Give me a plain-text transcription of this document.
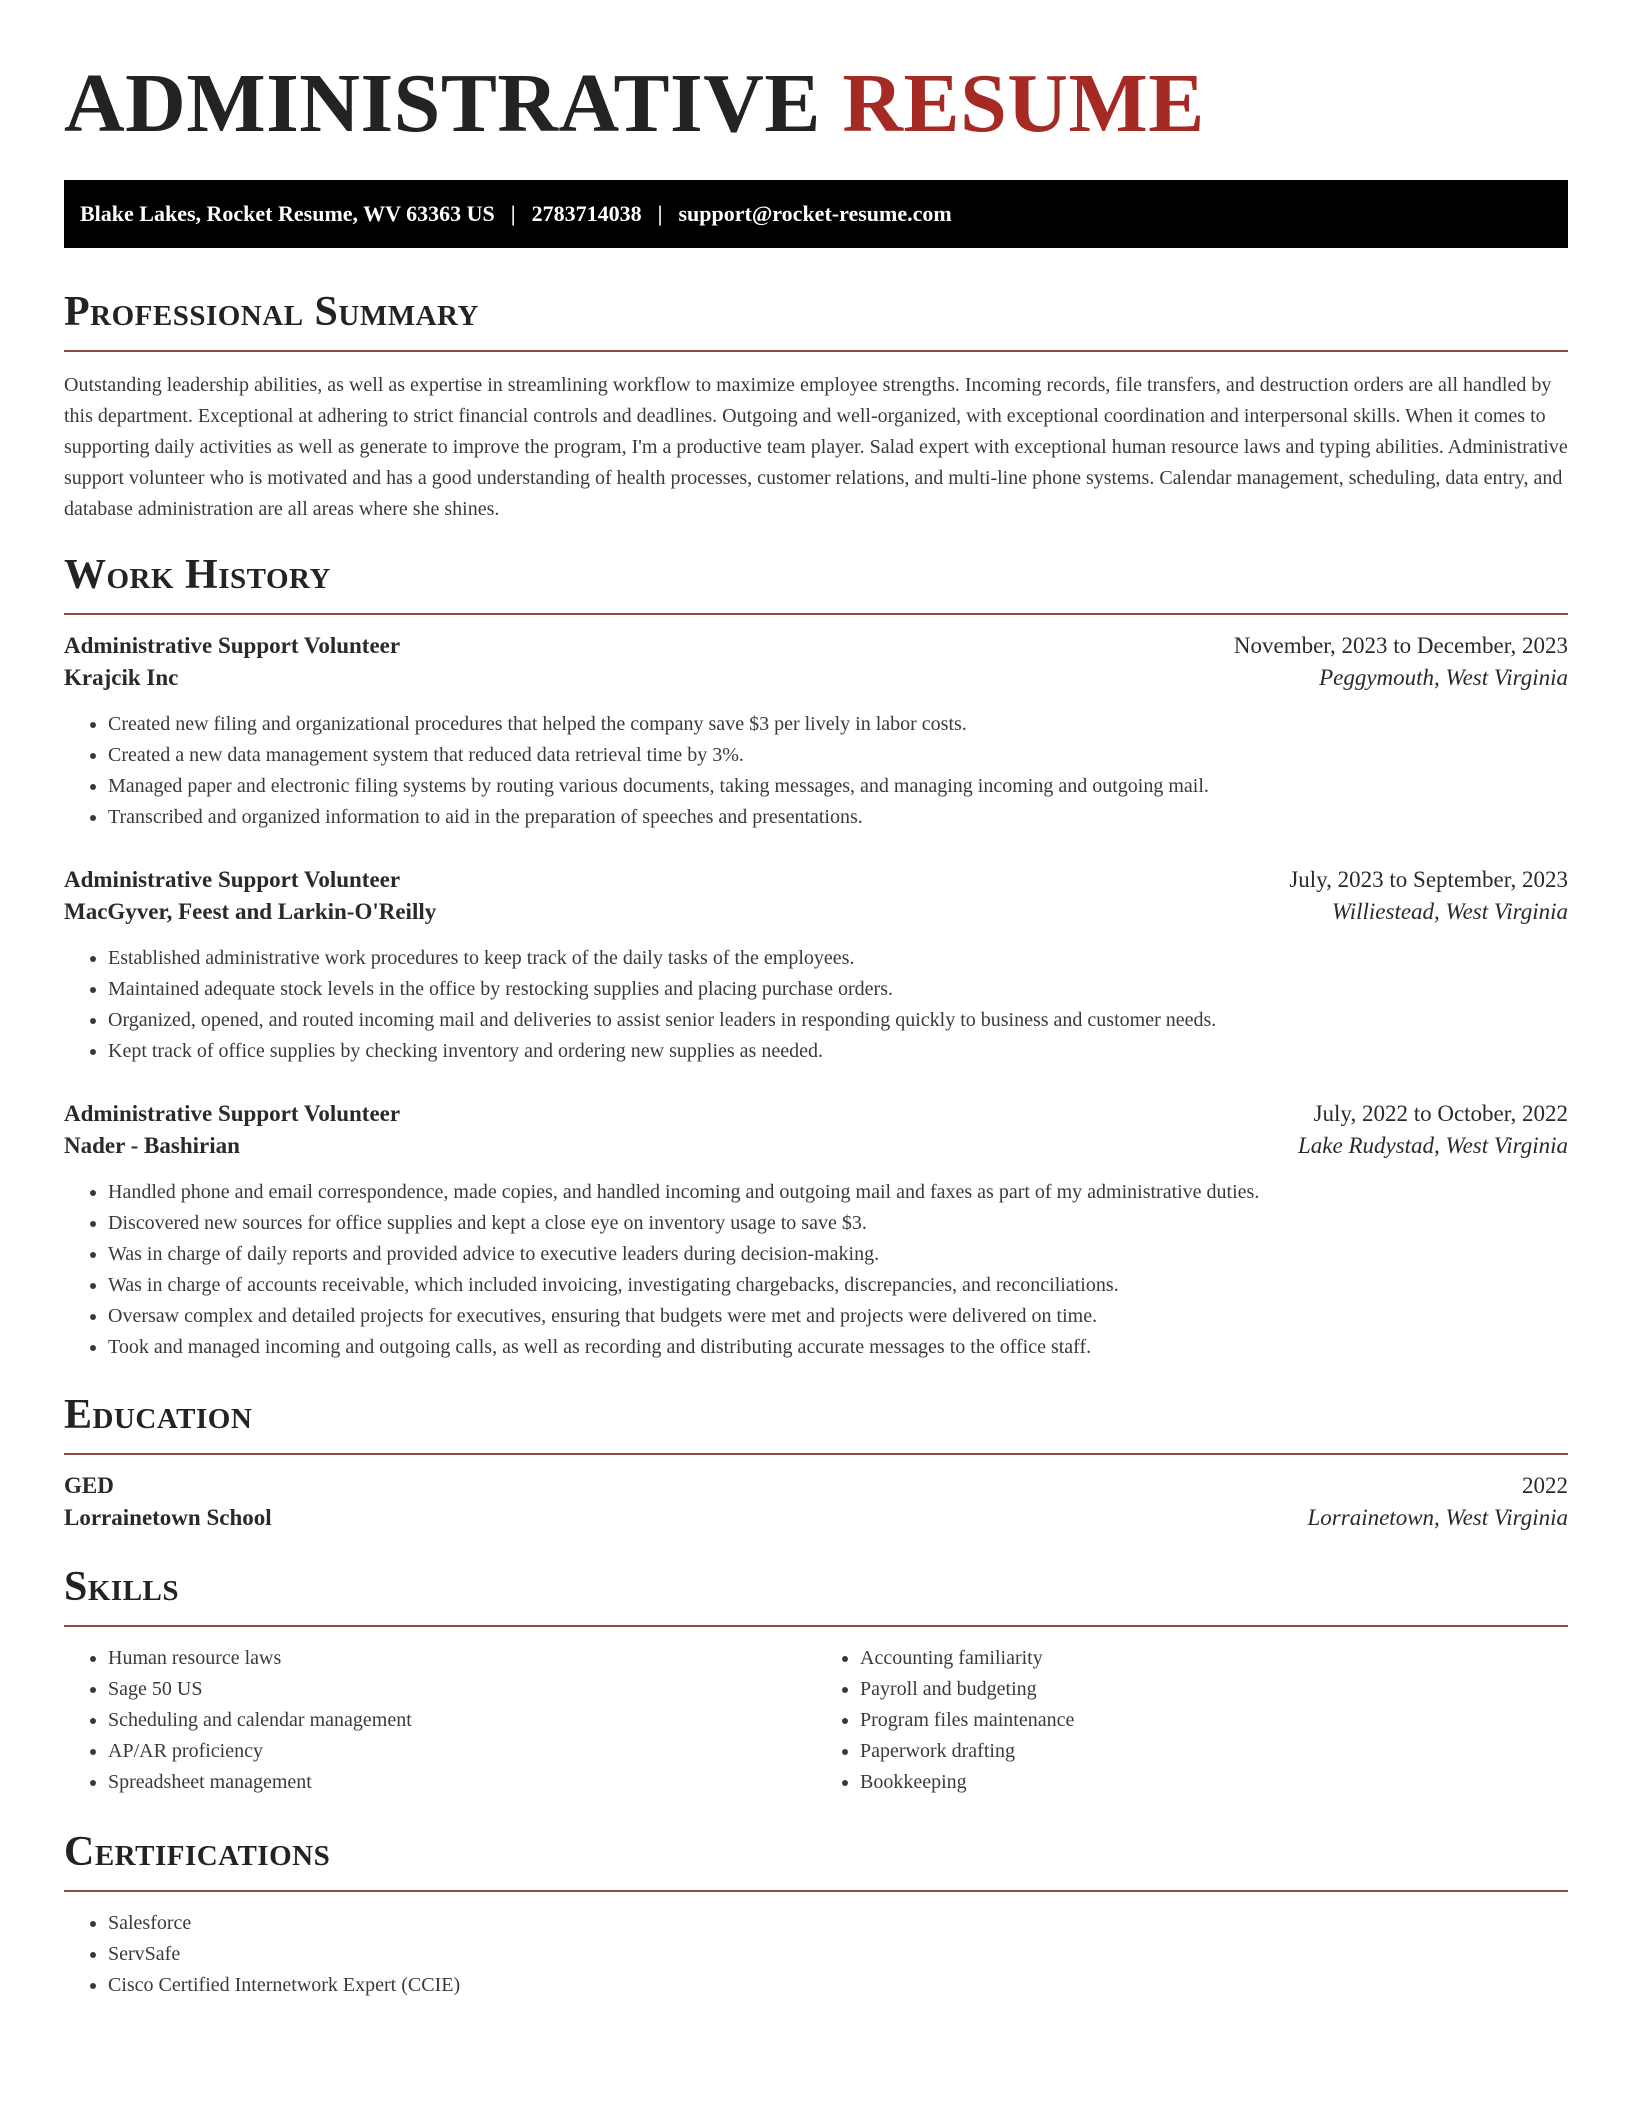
ADMINISTRATIVE RESUME
Blake Lakes, Rocket Resume, WV 63363 US | 2783714038 | support@rocket-resume.com
Professional Summary

Outstanding leadership abilities, as well as expertise in streamlining workflow to maximize employee strengths. Incoming records, file transfers, and destruction orders are all handled by this department. Exceptional at adhering to strict financial controls and deadlines. Outgoing and well-organized, with exceptional coordination and interpersonal skills. When it comes to supporting daily activities as well as generate to improve the program, I'm a productive team player. Salad expert with exceptional human resource laws and typing abilities. Administrative support volunteer who is motivated and has a good understanding of health processes, customer relations, and multi-line phone systems. Calendar management, scheduling, data entry, and database administration are all areas where she shines.

Work History
Administrative Support Volunteer	November, 2023 to December, 2023
Krajcik Inc	Peggymouth, West Virginia
• Created new filing and organizational procedures that helped the company save $3 per lively in labor costs.
• Created a new data management system that reduced data retrieval time by 3%.
• Managed paper and electronic filing systems by routing various documents, taking messages, and managing incoming and outgoing mail.
• Transcribed and organized information to aid in the preparation of speeches and presentations.
Administrative Support Volunteer	July, 2023 to September, 2023
MacGyver, Feest and Larkin-O'Reilly	Williestead, West Virginia
• Established administrative work procedures to keep track of the daily tasks of the employees.
• Maintained adequate stock levels in the office by restocking supplies and placing purchase orders.
• Organized, opened, and routed incoming mail and deliveries to assist senior leaders in responding quickly to business and customer needs.
• Kept track of office supplies by checking inventory and ordering new supplies as needed.
Administrative Support Volunteer	July, 2022 to October, 2022
Nader - Bashirian	Lake Rudystad, West Virginia
• Handled phone and email correspondence, made copies, and handled incoming and outgoing mail and faxes as part of my administrative duties.
• Discovered new sources for office supplies and kept a close eye on inventory usage to save $3.
• Was in charge of daily reports and provided advice to executive leaders during decision-making.
• Was in charge of accounts receivable, which included invoicing, investigating chargebacks, discrepancies, and reconciliations.
• Oversaw complex and detailed projects for executives, ensuring that budgets were met and projects were delivered on time.
• Took and managed incoming and outgoing calls, as well as recording and distributing accurate messages to the office staff.
Education
GED	2022
Lorrainetown School	Lorrainetown, West Virginia
Skills
• Human resource laws
• Sage 50 US
• Scheduling and calendar management
• AP/AR proficiency
• Spreadsheet management
• Accounting familiarity
• Payroll and budgeting
• Program files maintenance
• Paperwork drafting
• Bookkeeping
Certifications
• Salesforce
• ServSafe
• Cisco Certified Internetwork Expert (CCIE)
